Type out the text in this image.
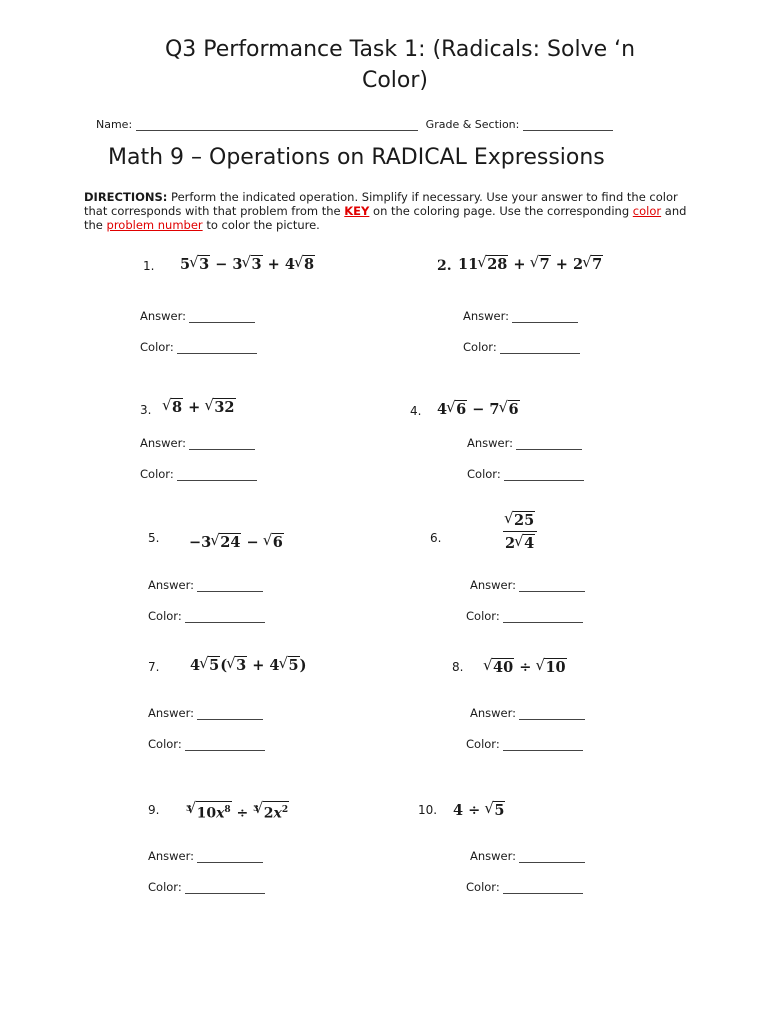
Q3 Performance Task 1: (Radicals: Solve ‘n
Color)
Name:	Grade & Section:
Math 9 – Operations on RADICAL Expressions
DIRECTIONS: Perform the indicated operation. Simplify if necessary. Use your answer to find the color that corresponds with that problem from the KEY on the coloring page. Use the corresponding color and the problem number to color the picture.
1. 5√ 3 − 3√ 3 + 4√ 8
Answer:
Color:
2. 11√ 28 + √ 7 + 2√ 7
Answer:
Color:
3.
√	8 + √ 32
Answer:
Color:
4. 4√ 6 − 7√ 6
Answer:
Color:
5. −3√ 24 − √ 6
Answer:
Color:
6.
√	$\frac{25}{2√ 4}$
Answer:
Color:
7. 4√ 5(√ 3 + 4√ 5)
Answer:
Color:
8.
√	40 ÷ √ 10
Answer:
Color:
9.	$^3$√ $10x^8 \div ^3√$ $2x^2$
Answer:
Color:
10. 4 ÷ √ 5
Answer:
Color:
